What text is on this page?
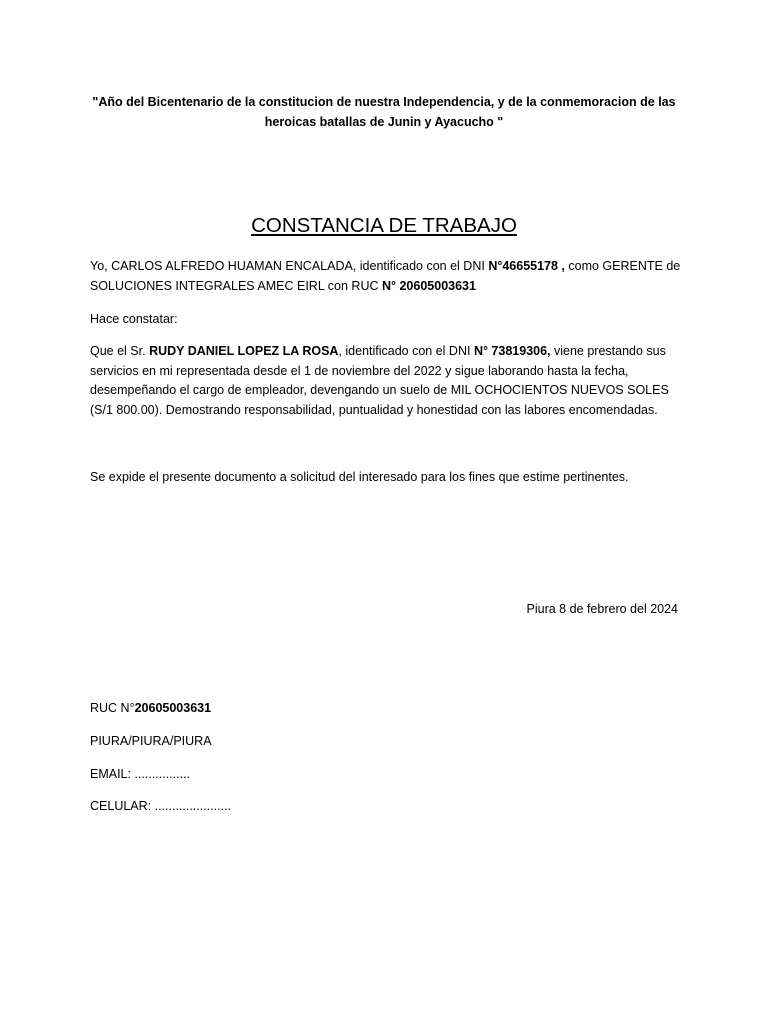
"Año del Bicentenario de la constitucion de nuestra Independencia, y de la conmemoracion de las heroicas batallas de Junin y Ayacucho "
CONSTANCIA DE TRABAJO

Yo, CARLOS ALFREDO HUAMAN ENCALADA, identificado con el DNI N°46655178 , como GERENTE de SOLUCIONES INTEGRALES AMEC EIRL con RUC N° 20605003631

Hace constatar:

Que el Sr. RUDY DANIEL LOPEZ LA ROSA, identificado con el DNI N° 73819306, viene prestando sus servicios en mi representada desde el 1 de noviembre del 2022 y sigue laborando hasta la fecha, desempeñando el cargo de empleador, devengando un suelo de MIL OCHOCIENTOS NUEVOS SOLES (S/1 800.00). Demostrando responsabilidad, puntualidad y honestidad con las labores encomendadas.

Se expide el presente documento a solicitud del interesado para los fines que estime pertinentes.

Piura 8 de febrero del 2024
RUC N°20605003631
PIURA/PIURA/PIURA
EMAIL: ................
CELULAR: ......................
